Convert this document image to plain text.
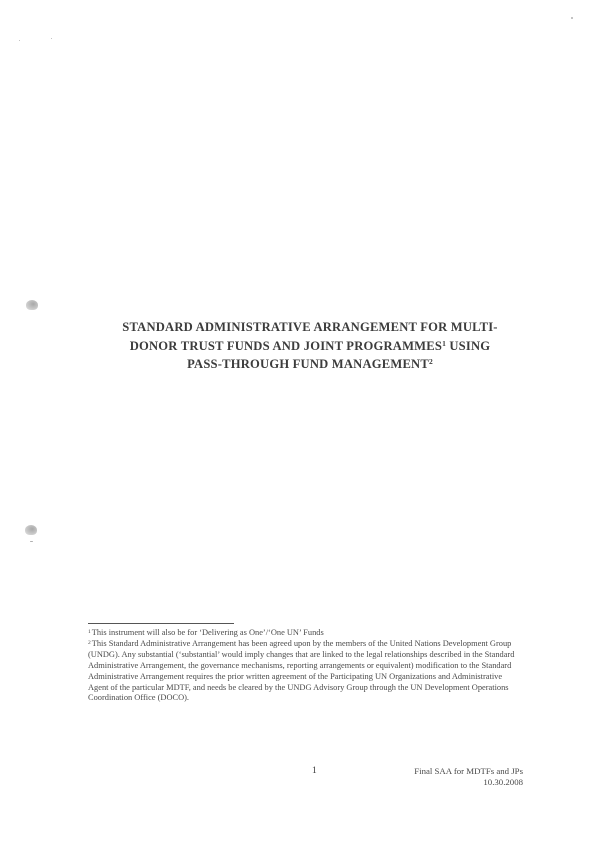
STANDARD ADMINISTRATIVE ARRANGEMENT FOR MULTI-
DONOR TRUST FUNDS AND JOINT PROGRAMMES$^1$ USING
PASS-THROUGH FUND MANAGEMENT$^2$

$^1$This instrument will also be for ‘Delivering as One’/‘One UN’ Funds

$^2$This Standard Administrative Arrangement has been agreed upon by the members of the United Nations Development Group (UNDG). Any substantial (‘substantial’ would imply changes that are linked to the legal relationships described in the Standard Administrative Arrangement, the governance mechanisms, reporting arrangements or equivalent) modification to the Standard Administrative Arrangement requires the prior written agreement of the Participating UN Organizations and Administrative Agent of the particular MDTF, and needs be cleared by the UNDG Advisory Group through the UN Development Operations Coordination Office (DOCO).

1	Final SAA for MDTFs and JPs
10.30.2008
